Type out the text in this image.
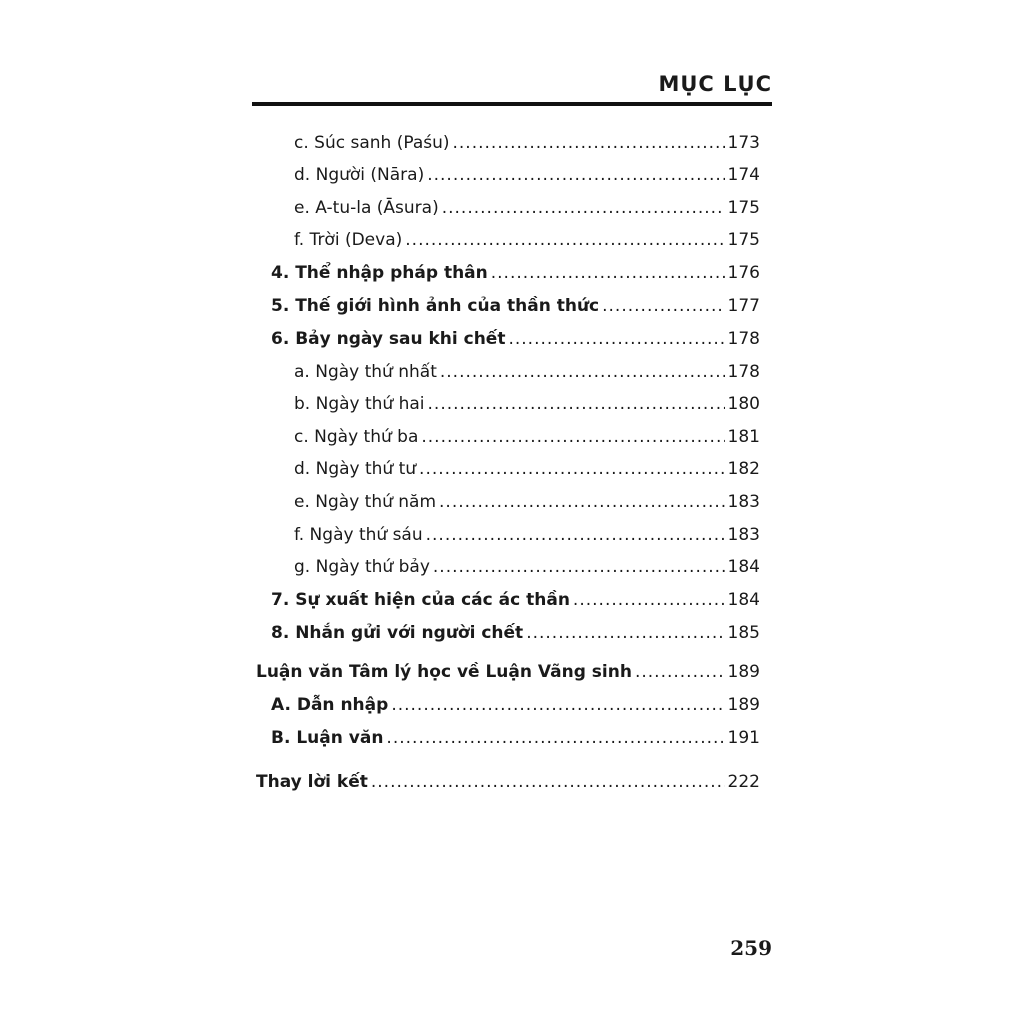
MỤC LỤC
c. Súc sanh (Paśu) .....	173
d. Người (Nāra) .....	174
e. A-tu-la (Āsura) .....	175
f. Trời (Deva) .....	175
4. Thể nhập pháp thân .....	176
5. Thế giới hình ảnh của thần thức .....	177
6. Bảy ngày sau khi chết .....	178
a. Ngày thứ nhất .....	178
b. Ngày thứ hai .....	180
c. Ngày thứ ba .....	181
d. Ngày thứ tư .....	182
e. Ngày thứ năm .....	183
f. Ngày thứ sáu .....	183
g. Ngày thứ bảy .....	184
7. Sự xuất hiện của các ác thần .....	184
8. Nhắn gửi với người chết .....	185
Luận văn Tâm lý học về Luận Vãng sinh .....	189
A. Dẫn nhập .....	189
B. Luận văn .....	191
Thay lời kết .....	222
259
